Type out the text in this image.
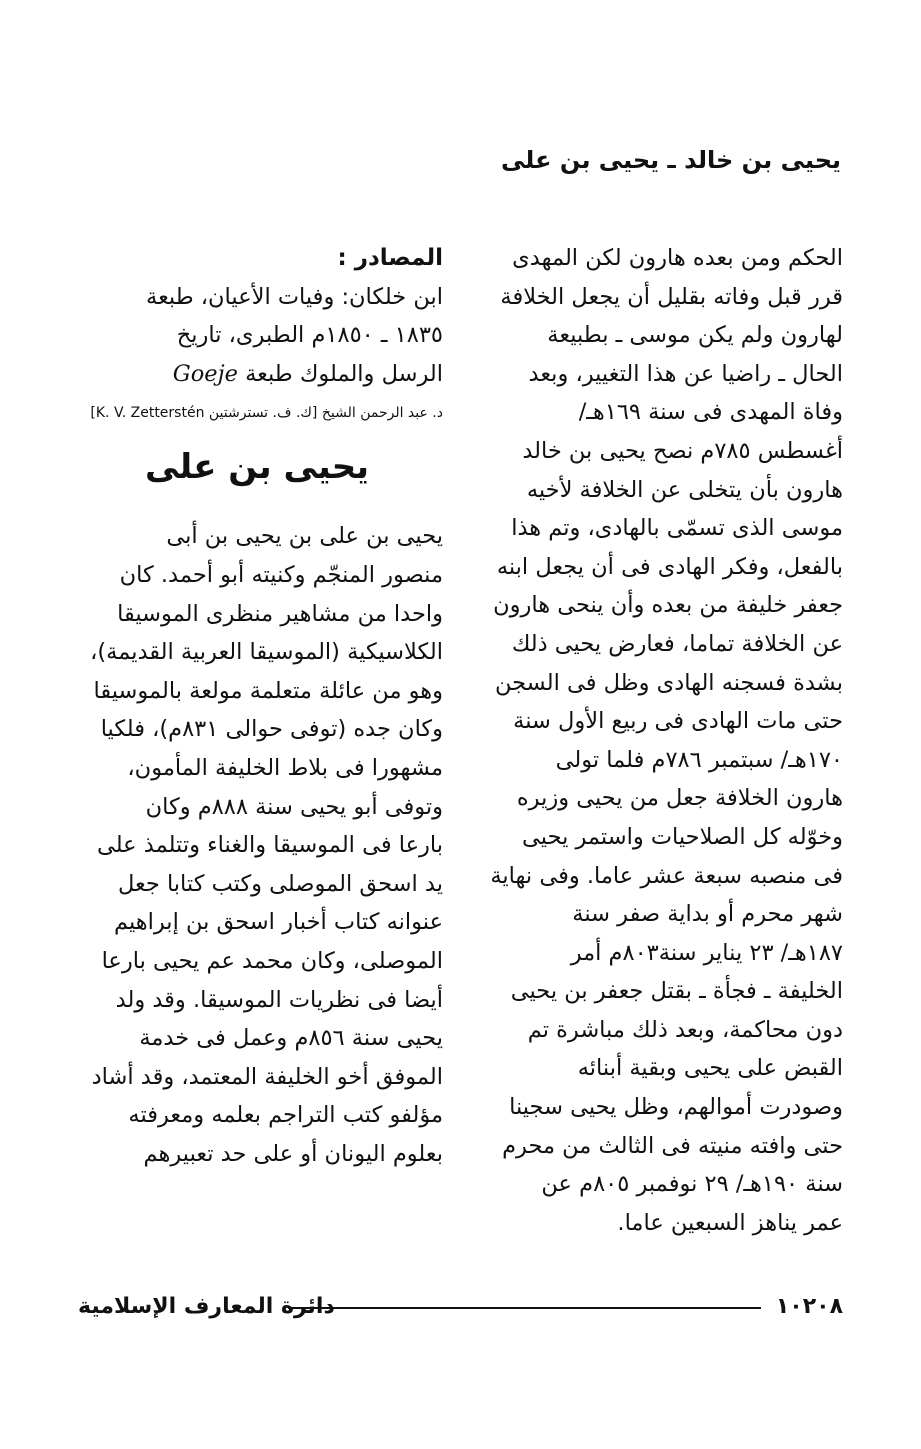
يحيى بن خالد ـ يحيى بن على
الحكم ومن بعده هارون لكن المهدى
قرر قبل وفاته بقليل أن يجعل الخلافة
لهارون ولم يكن موسى ـ بطبيعة
الحال ـ راضيا عن هذا التغيير، وبعد
وفاة المهدى فى سنة ١٦٩هـ/
أغسطس ٧٨٥م نصح يحيى بن خالد
هارون بأن يتخلى عن الخلافة لأخيه
موسى الذى تسمّى بالهادى، وتم هذا
بالفعل، وفكر الهادى فى أن يجعل ابنه
جعفر خليفة من بعده وأن ينحى هارون
عن الخلافة تماما، فعارض يحيى ذلك
بشدة فسجنه الهادى وظل فى السجن
حتى مات الهادى فى ربيع الأول سنة
١٧٠هـ/ سبتمبر ٧٨٦م فلما تولى
هارون الخلافة جعل من يحيى وزيره
وخوّله كل الصلاحيات واستمر يحيى
فى منصبه سبعة عشر عاما. وفى نهاية
شهر محرم أو بداية صفر سنة
١٨٧هـ/ ٢٣ يناير سنة٨٠٣م أمر
الخليفة ـ فجأة ـ بقتل جعفر بن يحيى
دون محاكمة، وبعد ذلك مباشرة تم
القبض على يحيى وبقية أبنائه
وصودرت أموالهم، وظل يحيى سجينا
حتى وافته منيته فى الثالث من محرم
سنة ١٩٠هـ/ ٢٩ نوفمبر ٨٠٥م عن
عمر يناهز السبعين عاما.
المصادر :
ابن خلكان: وفيات الأعيان، طبعة
١٨٣٥ ـ ١٨٥٠م الطبرى، تاريخ
الرسل والملوك طبعة Goeje
د. عبد الرحمن الشيخ [ك. ف. تسترشتين K. V. Zetterstén]
يحيى بن على
يحيى بن على بن يحيى بن أبى
منصور المنجّم وكنيته أبو أحمد. كان
واحدا من مشاهير منظرى الموسيقا
الكلاسيكية (الموسيقا العربية القديمة)،
وهو من عائلة متعلمة مولعة بالموسيقا
وكان جده (توفى حوالى ٨٣١م)، فلكيا
مشهورا فى بلاط الخليفة المأمون،
وتوفى أبو يحيى سنة ٨٨٨م وكان
بارعا فى الموسيقا والغناء وتتلمذ على
يد اسحق الموصلى وكتب كتابا جعل
عنوانه كتاب أخبار اسحق بن إبراهيم
الموصلى، وكان محمد عم يحيى بارعا
أيضا فى نظريات الموسيقا. وقد ولد
يحيى سنة ٨٥٦م وعمل فى خدمة
الموفق أخو الخليفة المعتمد، وقد أشاد
مؤلفو كتب التراجم بعلمه ومعرفته
بعلوم اليونان أو على حد تعبيرهم
١٠٢٠٨
دائرة المعارف الإسلامية
